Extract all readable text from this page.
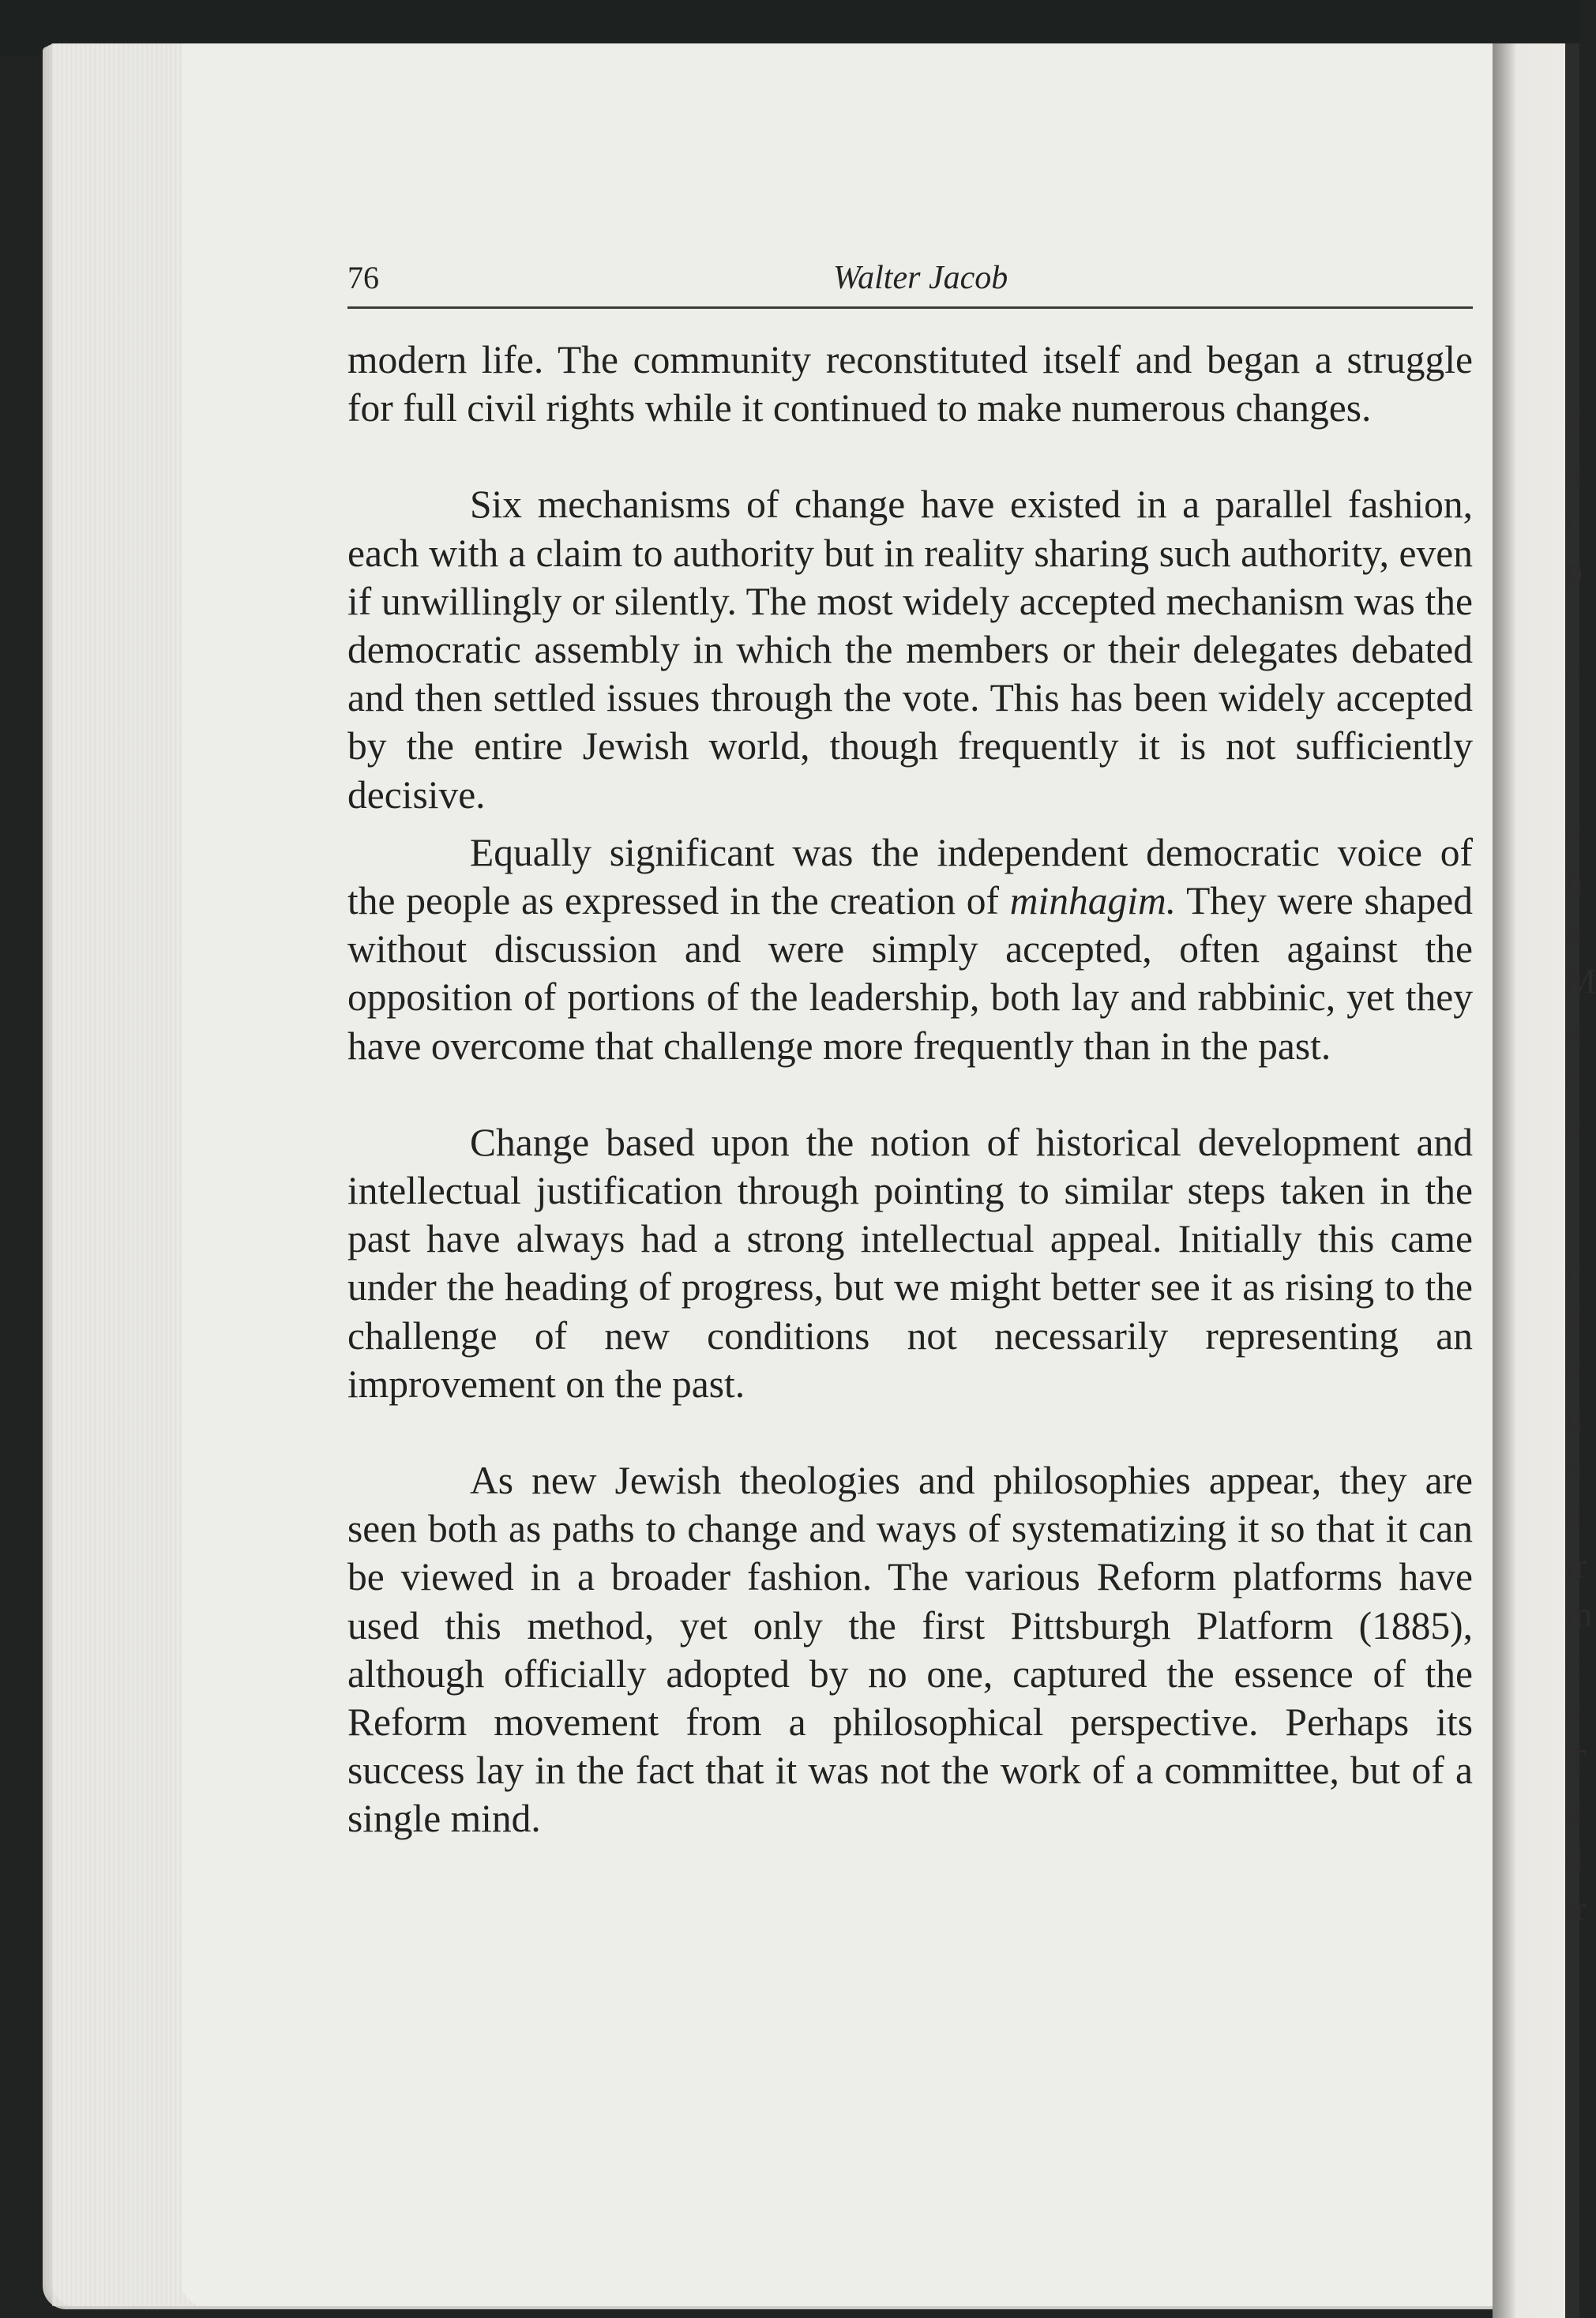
J
a
t
p
c
e
h
a
M
a
c
e
r
J
e
u
s
c
ir
m
c
e
T
a
d
tr
76	Walter Jacob

modern life. The community reconstituted itself and began a struggle for full civil rights while it continued to make numerous changes.

Six mechanisms of change have existed in a parallel fashion, each with a claim to authority but in reality sharing such authority, even if unwillingly or silently. The most widely accepted mechanism was the democratic assembly in which the members or their delegates debated and then settled issues through the vote. This has been widely accepted by the entire Jewish world, though frequently it is not sufficiently decisive.

Equally significant was the independent democratic voice of the people as expressed in the creation of minhagim. They were shaped without discussion and were simply accepted, often against the opposition of portions of the leadership, both lay and rabbinic, yet they have overcome that challenge more frequently than in the past.

Change based upon the notion of historical development and intellectual justification through pointing to similar steps taken in the past have always had a strong intellectual appeal. Initially this came under the heading of progress, but we might better see it as rising to the challenge of new conditions not necessarily representing an improvement on the past.

As new Jewish theologies and philosophies appear, they are seen both as paths to change and ways of systematizing it so that it can be viewed in a broader fashion. The various Reform platforms have used this method, yet only the first Pittsburgh Platform (1885), although officially adopted by no one, captured the essence of the Reform movement from a philosophical perspective. Perhaps its success lay in the fact that it was not the work of a committee, but of a single mind.
